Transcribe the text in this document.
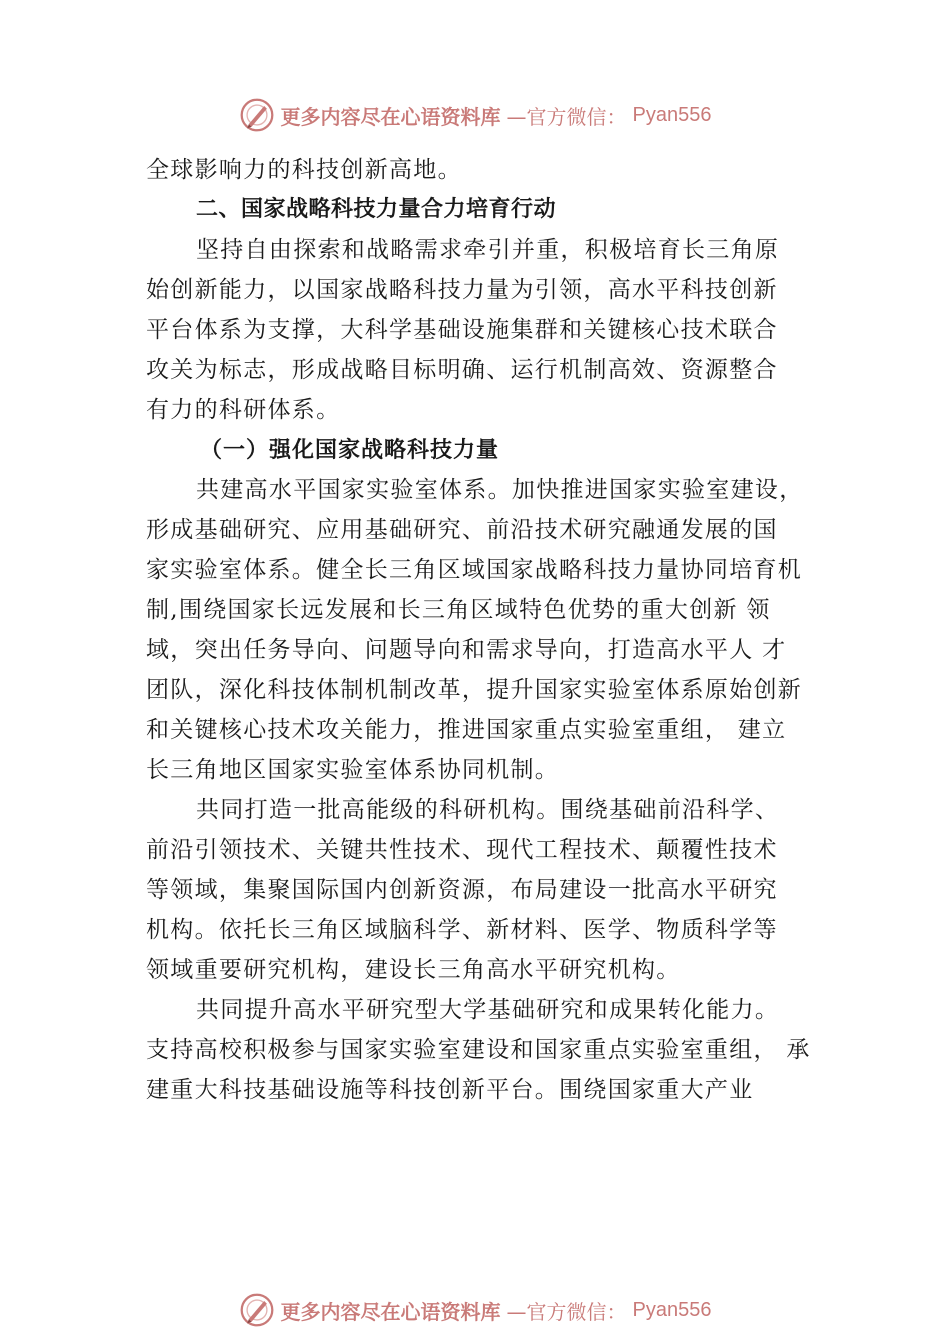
更多内容尽在心语资料库 —官方微信： Pyan556
全球影响力的科技创新高地。
二、国家战略科技力量合力培育行动
坚持自由探索和战略需求牵引并重，积极培育长三角原
始创新能力，以国家战略科技力量为引领，高水平科技创新
平台体系为支撑，大科学基础设施集群和关键核心技术联合
攻关为标志，形成战略目标明确、运行机制高效、资源整合
有力的科研体系。
（一）强化国家战略科技力量
共建高水平国家实验室体系。加快推进国家实验室建设，
形成基础研究、应用基础研究、前沿技术研究融通发展的国
家实验室体系。健全长三角区域国家战略科技力量协同培育机
制,围绕国家长远发展和长三角区域特色优势的重大创新 领
域，突出任务导向、问题导向和需求导向，打造高水平人 才
团队，深化科技体制机制改革，提升国家实验室体系原始创新
和关键核心技术攻关能力，推进国家重点实验室重组， 建立
长三角地区国家实验室体系协同机制。
共同打造一批高能级的科研机构。围绕基础前沿科学、
前沿引领技术、关键共性技术、现代工程技术、颠覆性技术
等领域，集聚国际国内创新资源，布局建设一批高水平研究
机构。依托长三角区域脑科学、新材料、医学、物质科学等
领域重要研究机构，建设长三角高水平研究机构。
共同提升高水平研究型大学基础研究和成果转化能力。
支持高校积极参与国家实验室建设和国家重点实验室重组， 承
建重大科技基础设施等科技创新平台。围绕国家重大产业
更多内容尽在心语资料库 —官方微信： Pyan556
